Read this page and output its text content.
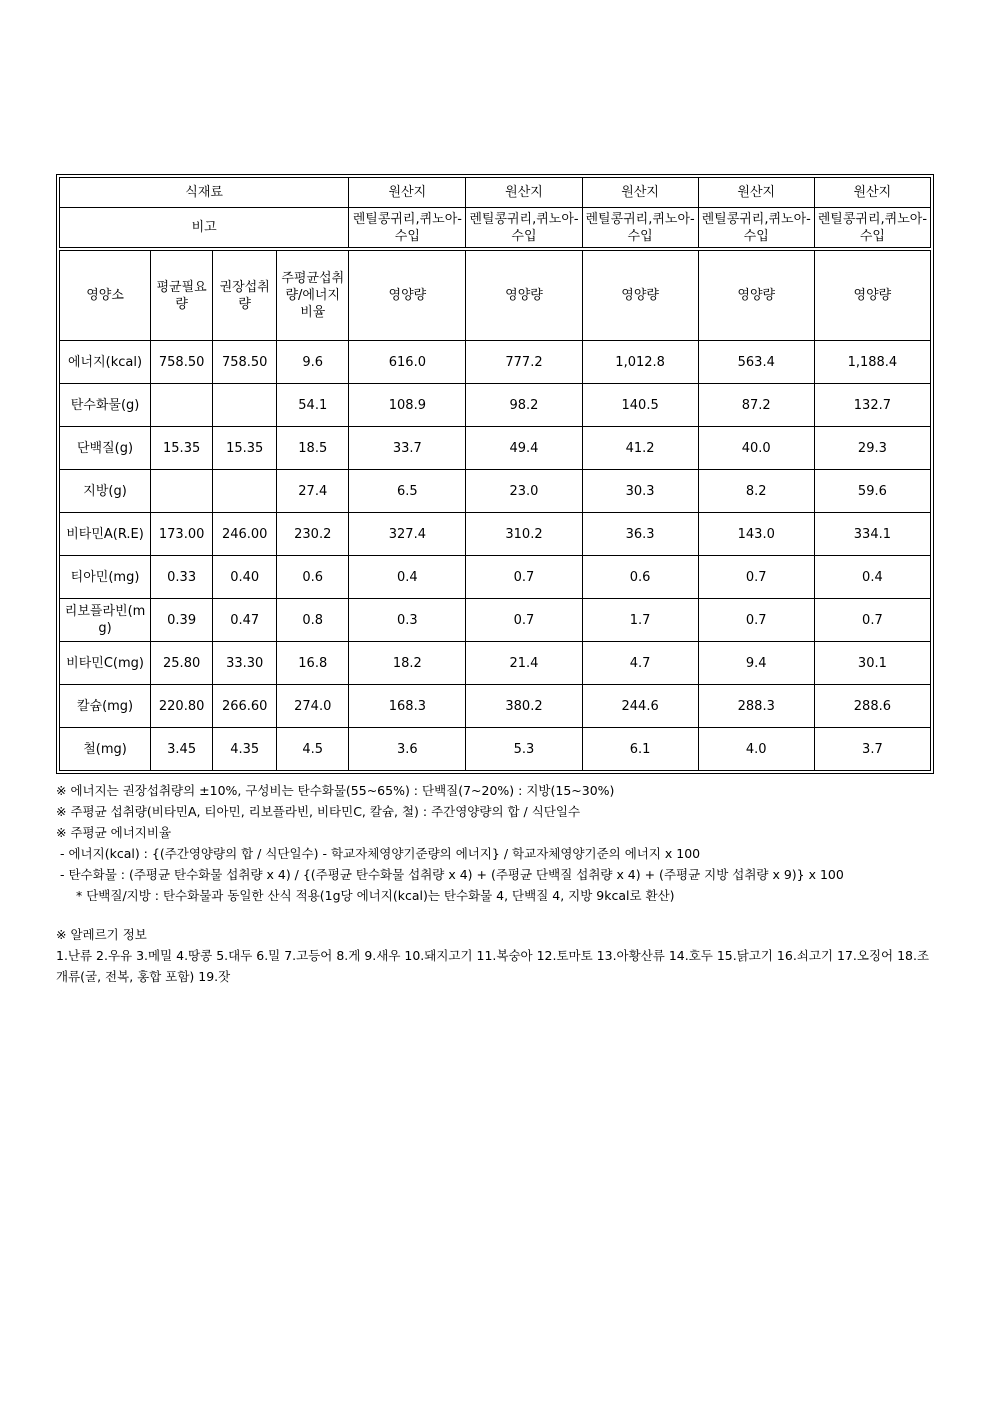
식재료				원산지	원산지	원산지	원산지	원산지
비고				렌틸콩귀리,퀴노아-수입	렌틸콩귀리,퀴노아-수입	렌틸콩귀리,퀴노아-수입	렌틸콩귀리,퀴노아-수입	렌틸콩귀리,퀴노아-수입

영양소	평균필요량	권장섭취량	주평균섭취량/에너지비율	영양량	영양량	영양량	영양량	영양량
에너지(kcal)	758.50	758.50	9.6	616.0	777.2	1,012.8	563.4	1,188.4
탄수화물(g)			54.1	108.9	98.2	140.5	87.2	132.7
단백질(g)	15.35	15.35	18.5	33.7	49.4	41.2	40.0	29.3
지방(g)			27.4	6.5	23.0	30.3	8.2	59.6
비타민A(R.E)	173.00	246.00	230.2	327.4	310.2	36.3	143.0	334.1
티아민(mg)	0.33	0.40	0.6	0.4	0.7	0.6	0.7	0.4
리보플라빈(mg)	0.39	0.47	0.8	0.3	0.7	1.7	0.7	0.7
비타민C(mg)	25.80	33.30	16.8	18.2	21.4	4.7	9.4	30.1
칼슘(mg)	220.80	266.60	274.0	168.3	380.2	244.6	288.3	288.6
철(mg)	3.45	4.35	4.5	3.6	5.3	6.1	4.0	3.7

※ 에너지는 권장섭취량의 ±10%, 구성비는 탄수화물(55~65%) : 단백질(7~20%) : 지방(15~30%)

※ 주평균 섭취량(비타민A, 티아민, 리보플라빈, 비타민C, 칼슘, 철) : 주간영양량의 합 / 식단일수

※ 주평균 에너지비율

- 에너지(kcal) : {(주간영양량의 합 / 식단일수) - 학교자체영양기준량의 에너지} / 학교자체영양기준의 에너지 x 100

- 탄수화물 : (주평균 탄수화물 섭취량 x 4) / {(주평균 탄수화물 섭취량 x 4) + (주평균 단백질 섭취량 x 4) + (주평균 지방 섭취량 x 9)} x 100

* 단백질/지방 : 탄수화물과 동일한 산식 적용(1g당 에너지(kcal)는 탄수화물 4, 단백질 4, 지방 9kcal로 환산)

※ 알레르기 정보

1.난류 2.우유 3.메밀 4.땅콩 5.대두 6.밀 7.고등어 8.게 9.새우 10.돼지고기 11.복숭아 12.토마토 13.아황산류 14.호두 15.닭고기 16.쇠고기 17.오징어 18.조개류(굴, 전복, 홍합 포함) 19.잣
